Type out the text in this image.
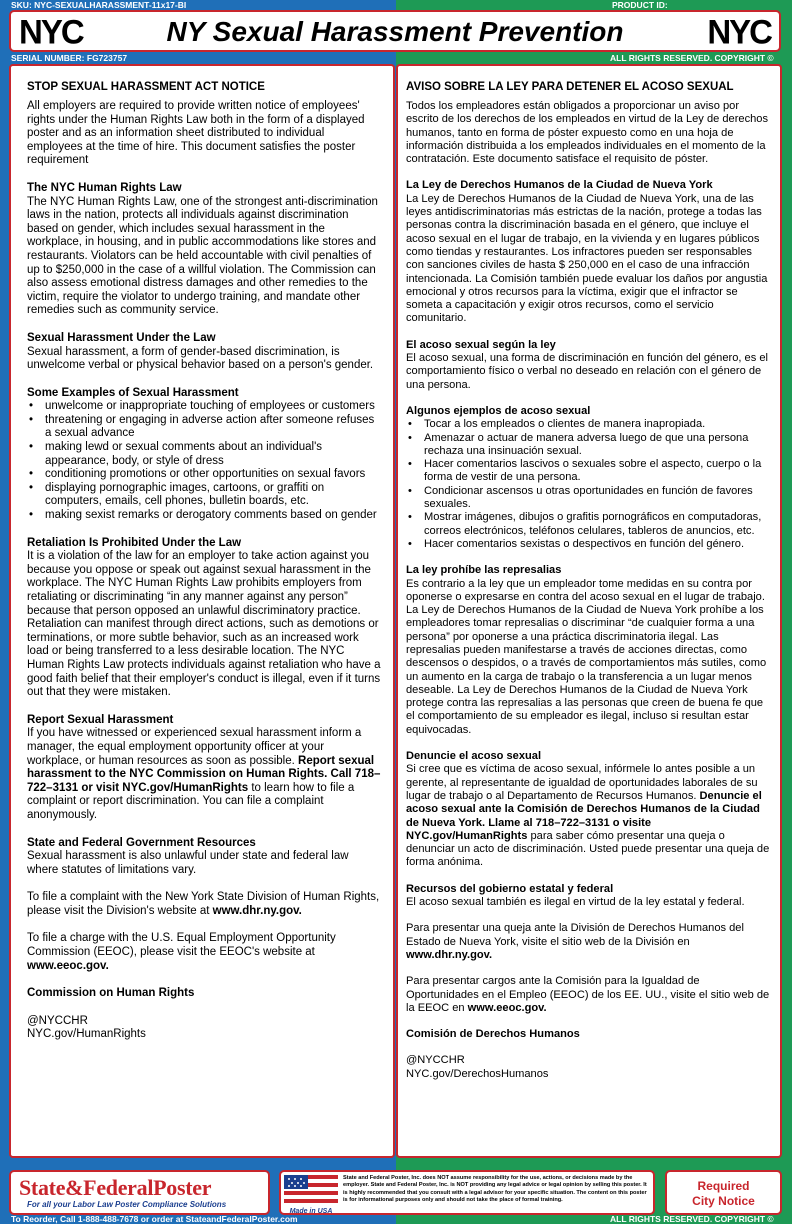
SKU: NYC-SEXUALHARASSMENT-11x17-BI	PRODUCT ID:
NYC	NY Sexual Harassment Prevention	NYC
SERIAL NUMBER: FG723757	ALL RIGHTS RESERVED. COPYRIGHT ©
STOP SEXUAL HARASSMENT ACT NOTICE
All employers are required to provide written notice of employees' rights under the Human Rights Law both in the form of a displayed poster and as an information sheet distributed to individual employees at the time of hire. This document satisfies the poster requirement
The NYC Human Rights Law
The NYC Human Rights Law, one of the strongest anti-discrimination laws in the nation, protects all individuals against discrimination based on gender, which includes sexual harassment in the workplace, in housing, and in public accommodations like stores and restaurants. Violators can be held accountable with civil penalties of up to $250,000 in the case of a willful violation. The Commission can also assess emotional distress damages and other remedies to the victim, require the violator to undergo training, and mandate other remedies such as community service.
Sexual Harassment Under the Law
Sexual harassment, a form of gender-based discrimination, is unwelcome verbal or physical behavior based on a person's gender.
Some Examples of Sexual Harassment
• unwelcome or inappropriate touching of employees or customers
• threatening or engaging in adverse action after someone refuses a sexual advance
• making lewd or sexual comments about an individual's appearance, body, or style of dress
• conditioning promotions or other opportunities on sexual favors
• displaying pornographic images, cartoons, or graffiti on computers, emails, cell phones, bulletin boards, etc.
• making sexist remarks or derogatory comments based on gender
Retaliation Is Prohibited Under the Law
It is a violation of the law for an employer to take action against you because you oppose or speak out against sexual harassment in the workplace. The NYC Human Rights Law prohibits employers from retaliating or discriminating “in any manner against any person” because that person opposed an unlawful discriminatory practice. Retaliation can manifest through direct actions, such as demotions or terminations, or more subtle behavior, such as an increased work load or being transferred to a less desirable location. The NYC Human Rights Law protects individuals against retaliation who have a good faith belief that their employer's conduct is illegal, even if it turns out that they were mistaken.
Report Sexual Harassment
If you have witnessed or experienced sexual harassment inform a manager, the equal employment opportunity officer at your workplace, or human resources as soon as possible. Report sexual harassment to the NYC Commission on Human Rights. Call 718–722–3131 or visit NYC.gov/HumanRights to learn how to file a complaint or report discrimination. You can file a complaint anonymously.
State and Federal Government Resources
Sexual harassment is also unlawful under state and federal law where statutes of limitations vary.
To file a complaint with the New York State Division of Human Rights, please visit the Division's website at www.dhr.ny.gov.
To file a charge with the U.S. Equal Employment Opportunity Commission (EEOC), please visit the EEOC's website at www.eeoc.gov.
Commission on Human Rights
@NYCCHR
NYC.gov/HumanRights
AVISO SOBRE LA LEY PARA DETENER EL ACOSO SEXUAL
Todos los empleadores están obligados a proporcionar un aviso por escrito de los derechos de los empleados en virtud de la Ley de derechos humanos, tanto en forma de póster expuesto como en una hoja de información distribuida a los empleados individuales en el momento de la contratación. Este documento satisface el requisito de póster.
La Ley de Derechos Humanos de la Ciudad de Nueva York
La Ley de Derechos Humanos de la Ciudad de Nueva York, una de las leyes antidiscriminatorias más estrictas de la nación, protege a todas las personas contra la discriminación basada en el género, que incluye el acoso sexual en el lugar de trabajo, en la vivienda y en lugares públicos como tiendas y restaurantes. Los infractores pueden ser responsables con sanciones civiles de hasta $ 250,000 en el caso de una infracción intencionada. La Comisión también puede evaluar los daños por angustia emocional y otros recursos para la víctima, exigir que el infractor se someta a capacitación y exigir otros recursos, como el servicio comunitario.
El acoso sexual según la ley
El acoso sexual, una forma de discriminación en función del género, es el comportamiento físico o verbal no deseado en relación con el género de una persona.
Algunos ejemplos de acoso sexual
• Tocar a los empleados o clientes de manera inapropiada.
• Amenazar o actuar de manera adversa luego de que una persona rechaza una insinuación sexual.
• Hacer comentarios lascivos o sexuales sobre el aspecto, cuerpo o la forma de vestir de una persona.
• Condicionar ascensos u otras oportunidades en función de favores sexuales.
• Mostrar imágenes, dibujos o grafitis pornográficos en computadoras, correos electrónicos, teléfonos celulares, tableros de anuncios, etc.
• Hacer comentarios sexistas o despectivos en función del género.
La ley prohíbe las represalias
Es contrario a la ley que un empleador tome medidas en su contra por oponerse o expresarse en contra del acoso sexual en el lugar de trabajo. La Ley de Derechos Humanos de la Ciudad de Nueva York prohíbe a los empleadores tomar represalias o discriminar “de cualquier forma a una persona” por oponerse a una práctica discriminatoria ilegal. Las represalias pueden manifestarse a través de acciones directas, como descensos o despidos, o a través de comportamientos más sutiles, como un aumento en la carga de trabajo o la transferencia a un lugar menos deseable. La Ley de Derechos Humanos de la Ciudad de Nueva York protege contra las represalias a las personas que creen de buena fe que el comportamiento de su empleador es ilegal, incluso si resultan estar equivocadas.
Denuncie el acoso sexual
Si cree que es víctima de acoso sexual, infórmele lo antes posible a un gerente, al representante de igualdad de oportunidades laborales de su lugar de trabajo o al Departamento de Recursos Humanos. Denuncie el acoso sexual ante la Comisión de Derechos Humanos de la Ciudad de Nueva York. Llame al 718–722–3131 o visite NYC.gov/HumanRights para saber cómo presentar una queja o denunciar un acto de discriminación. Usted puede presentar una queja de forma anónima.
Recursos del gobierno estatal y federal
El acoso sexual también es ilegal en virtud de la ley estatal y federal.
Para presentar una queja ante la División de Derechos Humanos del Estado de Nueva York, visite el sitio web de la División en www.dhr.ny.gov.
Para presentar cargos ante la Comisión para la Igualdad de Oportunidades en el Empleo (EEOC) de los EE. UU., visite el sitio web de la EEOC en www.eeoc.gov.
Comisión de Derechos Humanos
@NYCCHR
NYC.gov/DerechosHumanos
State&FederalPoster
For all your Labor Law Poster Compliance Solutions
Made in USA
State and Federal Poster, Inc. does NOT assume responsibility for the use, actions, or decisions made by the employer. State and Federal Poster, Inc. is NOT providing any legal advice or legal opinion by selling this poster. It is highly recommended that you consult with a legal advisor for your specific situation. The content on this poster is for informational purposes only and should not take the place of formal training.
Required
City Notice
To Reorder, Call 1-888-488-7678 or order at StateandFederalPoster.com	ALL RIGHTS RESERVED. COPYRIGHT ©
